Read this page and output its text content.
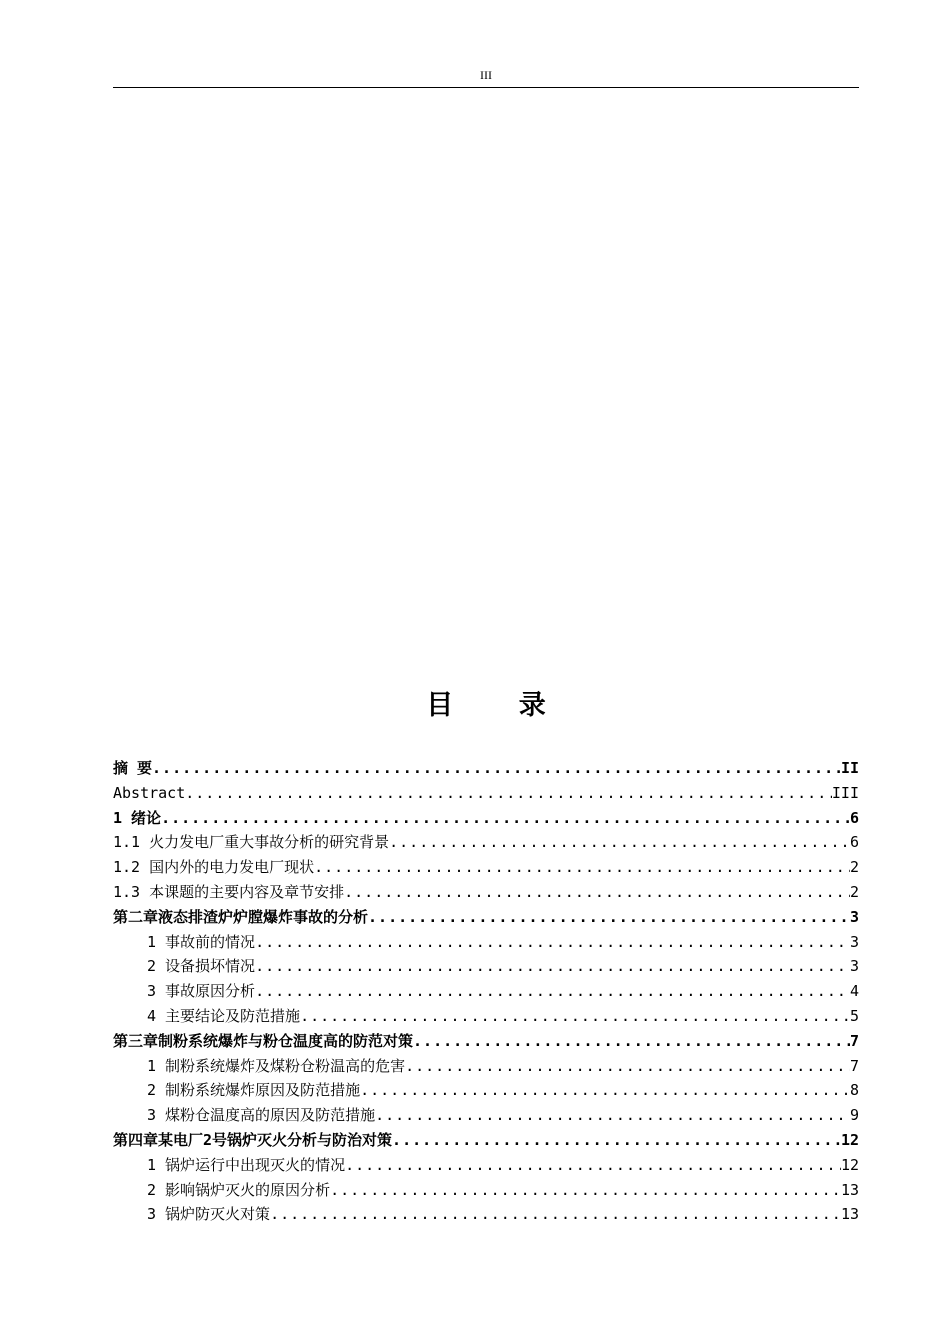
III
目 录
摘 要 .....	II
Abstract .....	III
1 绪论 .....	6
1.1 火力发电厂重大事故分析的研究背景 .....	6
1.2 国内外的电力发电厂现状 .....	2
1.3 本课题的主要内容及章节安排 .....	2
第二章液态排渣炉炉膛爆炸事故的分析 .....	3
1 事故前的情况 .....	3
2 设备损坏情况 .....	3
3 事故原因分析 .....	4
4 主要结论及防范措施 .....	5
第三章制粉系统爆炸与粉仓温度高的防范对策 .....	7
1 制粉系统爆炸及煤粉仓粉温高的危害 .....	7
2 制粉系统爆炸原因及防范措施 .....	8
3 煤粉仓温度高的原因及防范措施 .....	9
第四章某电厂2号锅炉灭火分析与防治对策 .....	12
1 锅炉运行中出现灭火的情况 .....	12
2 影响锅炉灭火的原因分析 .....	13
3 锅炉防灭火对策 .....	13
